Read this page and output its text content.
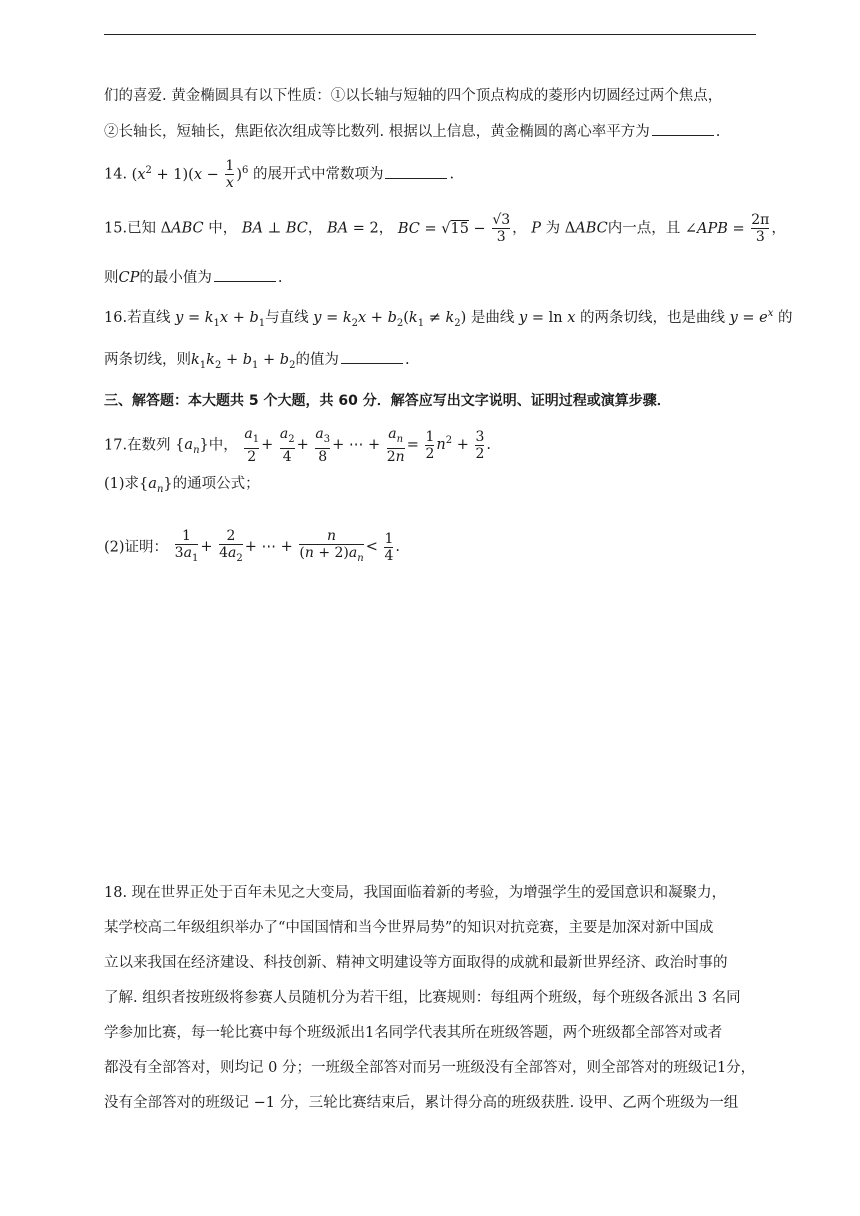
们的喜爱. 黄金椭圆具有以下性质：①以长轴与短轴的四个顶点构成的菱形内切圆经过两个焦点，
②长轴长，短轴长，焦距依次组成等比数列. 根据以上信息，黄金椭圆的离心率平方为	.
14. $(x^2 + 1)(x - \frac{1}{x} )^6$ 的展开式中常数项为	.
15.已知 ΔABC 中， BA ⊥ BC， BA = 2， BC = $√15 - \frac{√3}{3}$ ， P 为 ΔABC内一点，且 ∠APB = $\frac{2\pi}{3}$ ，
则CP的最小值为	.
16.若直线 $y = k_1x + b_1$与直线 $y = k_2x + b_2(k_1 \ne k_2)$ 是曲线 y = ln x 的两条切线，也是曲线 $y = e^x$ 的
两条切线，则$k_1k_2 + b_1 + b_2$的值为	.
三、解答题：本大题共 5 个大题，共 60 分．解答应写出文字说明、证明过程或演算步骤．
17.在数列 $\{a_n\}$中， $\frac{a_1}{2} + \frac{a_2}{4} + \frac{a_3}{8}$ + ⋯ + $\frac{a_n}{2n} = \frac{1}{2} n^2 + \frac{3}{2}$ .
(1)求$\{a_n\}$的通项公式；
(2)证明： $\frac{1}{3a_1} + \frac{2}{4a_2}$ + ⋯ + $\frac{n}{(n + 2)a_n} < \frac{1}{4}$ .
18. 现在世界正处于百年未见之大变局，我国面临着新的考验，为增强学生的爱国意识和凝聚力，
某学校高二年级组织举办了“中国国情和当今世界局势”的知识对抗竞赛，主要是加深对新中国成
立以来我国在经济建设、科技创新、精神文明建设等方面取得的成就和最新世界经济、政治时事的
了解. 组织者按班级将参赛人员随机分为若干组，比赛规则：每组两个班级，每个班级各派出 3 名同
学参加比赛，每一轮比赛中每个班级派出1名同学代表其所在班级答题，两个班级都全部答对或者
都没有全部答对，则均记 0 分；一班级全部答对而另一班级没有全部答对，则全部答对的班级记1分，
没有全部答对的班级记 −1 分，三轮比赛结束后，累计得分高的班级获胜. 设甲、乙两个班级为一组
